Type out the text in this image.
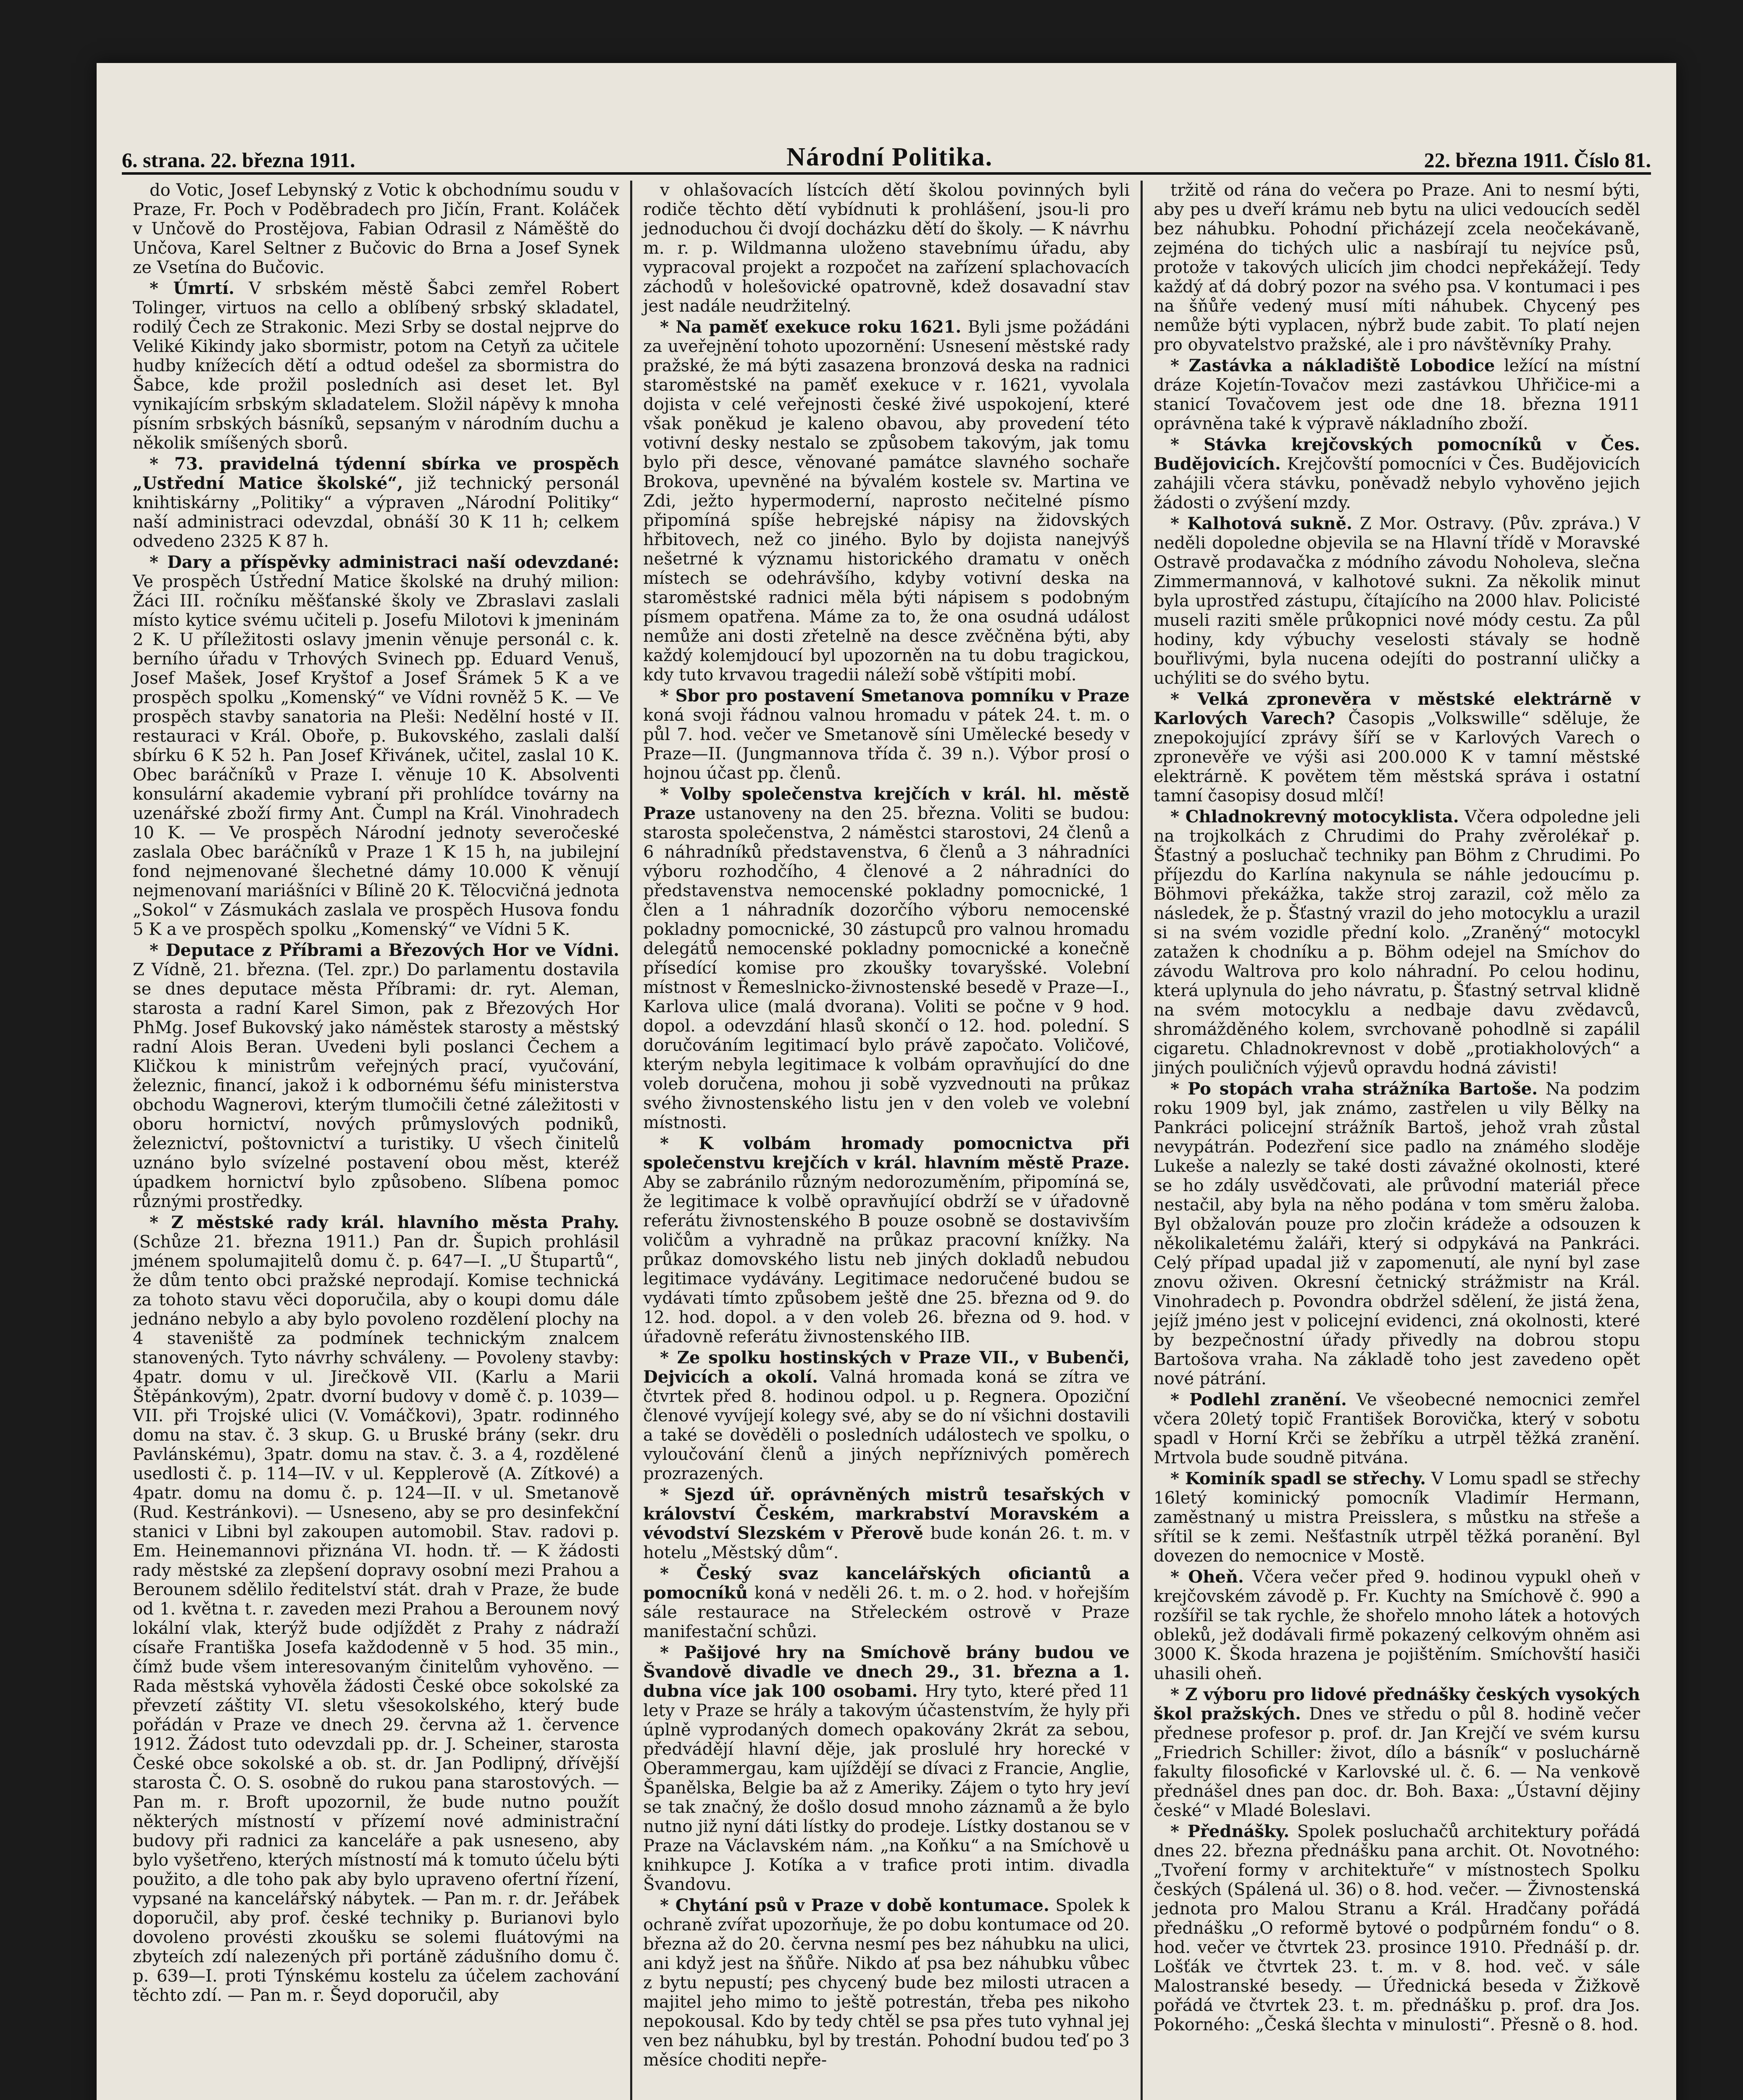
6. strana. 22. března 1911.	Národní Politika.	22. března 1911. Číslo 81.

do Votic, Josef Lebynský z Votic k obchodnímu soudu v Praze, Fr. Poch v Poděbradech pro Jičín, Frant. Koláček v Unčově do Prostějova, Fabian Odrasil z Náměště do Unčova, Karel Seltner z Bučovic do Brna a Josef Synek ze Vsetína do Bučovic.

* Úmrtí. V srbském městě Šabci zemřel Robert Tolinger, virtuos na cello a oblíbený srbský skladatel, rodilý Čech ze Strakonic. Mezi Srby se dostal nejprve do Veliké Kikindy jako sbormistr, potom na Cetyň za učitele hudby knížecích dětí a odtud odešel za sbormistra do Šabce, kde prožil posledních asi deset let. Byl vynikajícím srbským skladatelem. Složil nápěvy k mnoha písním srbských básníků, sepsaným v národním duchu a několik smíšených sborů.

* 73. pravidelná týdenní sbírka ve prospěch „Ustřední Matice školské“, již technický personál knihtiskárny „Politiky“ a výpraven „Národní Politiky“ naší administraci odevzdal, obnáší 30 K 11 h; celkem odvedeno 2325 K 87 h.

* Dary a příspěvky administraci naší odevzdané: Ve prospěch Ústřední Matice školské na druhý milion: Žáci III. ročníku měšťanské školy ve Zbraslavi zaslali místo kytice svému učiteli p. Josefu Milotovi k jmeninám 2 K. U příležitosti oslavy jmenin věnuje personál c. k. berního úřadu v Trhových Svinech pp. Eduard Venuš, Josef Mašek, Josef Kryštof a Josef Šrámek 5 K a ve prospěch spolku „Komenský“ ve Vídni rovněž 5 K. — Ve prospěch stavby sanatoria na Pleši: Nedělní hosté v II. restauraci v Král. Oboře, p. Bukovského, zaslali další sbírku 6 K 52 h. Pan Josef Křivánek, učitel, zaslal 10 K. Obec baráčníků v Praze I. věnuje 10 K. Absolventi konsulární akademie vybraní při prohlídce továrny na uzenářské zboží firmy Ant. Čumpl na Král. Vinohradech 10 K. — Ve prospěch Národní jednoty severočeské zaslala Obec baráčníků v Praze 1 K 15 h, na jubilejní fond nejmenované šlechetné dámy 10.000 K věnují nejmenovaní mariášníci v Bílině 20 K. Tělocvičná jednota „Sokol“ v Zásmukách zaslala ve prospěch Husova fondu 5 K a ve prospěch spolku „Komenský“ ve Vídni 5 K.

* Deputace z Příbrami a Březových Hor ve Vídni. Z Vídně, 21. března. (Tel. zpr.) Do parlamentu dostavila se dnes deputace města Příbrami: dr. ryt. Aleman, starosta a radní Karel Simon, pak z Březových Hor PhMg. Josef Bukovský jako náměstek starosty a městský radní Alois Beran. Uvedeni byli poslanci Čechem a Kličkou k ministrům veřejných prací, vyučování, železnic, financí, jakož i k odbornému šéfu ministerstva obchodu Wagnerovi, kterým tlumočili četné záležitosti v oboru hornictví, nových průmyslových podniků, železnictví, poštovnictví a turistiky. U všech činitelů uznáno bylo svízelné postavení obou měst, kteréž úpadkem hornictví bylo způsobeno. Slíbena pomoc různými prostředky.

* Z městské rady král. hlavního města Prahy. (Schůze 21. března 1911.) Pan dr. Šupich prohlásil jménem spolumajitelů domu č. p. 647—I. „U Štupartů“, že dům tento obci pražské neprodají. Komise technická za tohoto stavu věci doporučila, aby o koupi domu dále jednáno nebylo a aby bylo povoleno rozdělení plochy na 4 staveniště za podmínek technickým znalcem stanovených. Tyto návrhy schváleny. — Povoleny stavby: 4patr. domu v ul. Jirečkově VII. (Karlu a Marii Štěpánkovým), 2patr. dvorní budovy v domě č. p. 1039—VII. při Trojské ulici (V. Vomáčkovi), 3patr. rodinného domu na stav. č. 3 skup. G. u Bruské brány (sekr. dru Pavlánskému), 3patr. domu na stav. č. 3. a 4, rozdělené usedlosti č. p. 114—IV. v ul. Kepplerově (A. Zítkové) a 4patr. domu na domu č. p. 124—II. v ul. Smetanově (Rud. Kestránkovi). — Usneseno, aby se pro desinfekční stanici v Libni byl zakoupen automobil. Stav. radovi p. Em. Heinemannovi přiznána VI. hodn. tř. — K žádosti rady městské za zlepšení dopravy osobní mezi Prahou a Berounem sdělilo ředitelství stát. drah v Praze, že bude od 1. května t. r. zaveden mezi Prahou a Berounem nový lokální vlak, kterýž bude odjíždět z Prahy z nádraží císaře Františka Josefa každodenně v 5 hod. 35 min., čímž bude všem interesovaným činitelům vyhověno. — Rada městská vyhověla žádosti České obce sokolské za převzetí záštity VI. sletu všesokolského, který bude pořádán v Praze ve dnech 29. června až 1. července 1912. Žádost tuto odevzdali pp. dr. J. Scheiner, starosta České obce sokolské a ob. st. dr. Jan Podlipný, dřívější starosta Č. O. S. osobně do rukou pana starostových. — Pan m. r. Broft upozornil, že bude nutno použít některých místností v přízemí nové administrační budovy při radnici za kanceláře a pak usneseno, aby bylo vyšetřeno, kterých místností má k tomuto účelu býti použito, a dle toho pak aby bylo upraveno ofertní řízení, vypsané na kancelářský nábytek. — Pan m. r. dr. Jeřábek doporučil, aby prof. české techniky p. Burianovi bylo dovoleno provésti zkoušku se solemi fluátovými na zbyteích zdí nalezených při portáně zádušního domu č. p. 639—I. proti Týnskému kostelu za účelem zachování těchto zdí. — Pan m. r. Šeyd doporučil, aby

v ohlašovacích lístcích dětí školou povinných byli rodiče těchto dětí vybídnuti k prohlášení, jsou-li pro jednoduchou či dvojí docházku dětí do školy. — K návrhu m. r. p. Wildmanna uloženo stavebnímu úřadu, aby vypracoval projekt a rozpočet na zařízení splachovacích záchodů v holešovické opatrovně, kdež dosavadní stav jest nadále neudržitelný.

* Na paměť exekuce roku 1621. Byli jsme požádáni za uveřejnění tohoto upozornění: Usnesení městské rady pražské, že má býti zasazena bronzová deska na radnici staroměstské na paměť exekuce v r. 1621, vyvolala dojista v celé veřejnosti české živé uspokojení, které však poněkud je kaleno obavou, aby provedení této votivní desky nestalo se způsobem takovým, jak tomu bylo při desce, věnované památce slavného sochaře Brokova, upevněné na bývalém kostele sv. Martina ve Zdi, ježto hypermoderní, naprosto nečitelné písmo připomíná spíše hebrejské nápisy na židovských hřbitovech, než co jiného. Bylo by dojista nanejvýš nešetrné k významu historického dramatu v oněch místech se odehrávšího, kdyby votivní deska na staroměstské radnici měla býti nápisem s podobným písmem opatřena. Máme za to, že ona osudná událost nemůže ani dosti zřetelně na desce zvěčněna býti, aby každý kolemjdoucí byl upozorněn na tu dobu tragickou, kdy tuto krvavou tragedii náleží sobě vštípiti mobí.

* Sbor pro postavení Smetanova pomníku v Praze koná svoji řádnou valnou hromadu v pátek 24. t. m. o půl 7. hod. večer ve Smetanově síni Umělecké besedy v Praze—II. (Jungmannova třída č. 39 n.). Výbor prosí o hojnou účast pp. členů.

* Volby společenstva krejčích v král. hl. městě Praze ustanoveny na den 25. března. Voliti se budou: starosta společenstva, 2 náměstci starostovi, 24 členů a 6 náhradníků představenstva, 6 členů a 3 náhradníci výboru rozhodčího, 4 členové a 2 náhradníci do představenstva nemocenské pokladny pomocnické, 1 člen a 1 náhradník dozorčího výboru nemocenské pokladny pomocnické, 30 zástupců pro valnou hromadu delegátů nemocenské pokladny pomocnické a konečně přísedící komise pro zkoušky tovaryšské. Volební místnost v Řemeslnicko-živnostenské besedě v Praze—I., Karlova ulice (malá dvorana). Voliti se počne v 9 hod. dopol. a odevzdání hlasů skončí o 12. hod. polední. S doručováním legitimací bylo právě započato. Voličové, kterým nebyla legitimace k volbám opravňující do dne voleb doručena, mohou ji sobě vyzvednouti na průkaz svého živnostenského listu jen v den voleb ve volební místnosti.

* K volbám hromady pomocnictva při společenstvu krejčích v král. hlavním městě Praze. Aby se zabránilo různým nedorozuměním, připomíná se, že legitimace k volbě opravňující obdrží se v úřadovně referátu živnostenského B pouze osobně se dostavivším voličům a vyhradně na průkaz pracovní knížky. Na průkaz domovského listu neb jiných dokladů nebudou legitimace vydávány. Legitimace nedoručené budou se vydávati tímto způsobem ještě dne 25. března od 9. do 12. hod. dopol. a v den voleb 26. března od 9. hod. v úřadovně referátu živnostenského IIB.

* Ze spolku hostinských v Praze VII., v Bubenči, Dejvicích a okolí. Valná hromada koná se zítra ve čtvrtek před 8. hodinou odpol. u p. Regnera. Opoziční členové vyvíjejí kolegy své, aby se do ní všichni dostavili a také se dověděli o posledních událostech ve spolku, o vyloučování členů a jiných nepříznivých poměrech prozrazených.

* Sjezd úř. oprávněných mistrů tesařských v království Českém, markrabství Moravském a vévodství Slezském v Přerově bude konán 26. t. m. v hotelu „Městský dům“.

* Český svaz kancelářských oficiantů a pomocníků koná v neděli 26. t. m. o 2. hod. v hořejším sále restaurace na Střeleckém ostrově v Praze manifestační schůzi.

* Pašijové hry na Smíchově brány budou ve Švandově divadle ve dnech 29., 31. března a 1. dubna více jak 100 osobami. Hry tyto, které před 11 lety v Praze se hrály a takovým účastenstvím, že hyly při úplně vyprodaných domech opakovány 2krát za sebou, předvádějí hlavní děje, jak proslulé hry horecké v Oberammergau, kam ujíždějí se dívaci z Francie, Anglie, Španělska, Belgie ba až z Ameriky. Zájem o tyto hry jeví se tak značný, že došlo dosud mnoho záznamů a že bylo nutno již nyní dáti lístky do prodeje. Lístky dostanou se v Praze na Václavském nám. „na Koňku“ a na Smíchově u knihkupce J. Kotíka a v trafice proti intim. divadla Švandovu.

* Chytání psů v Praze v době kontumace. Spolek k ochraně zvířat upozorňuje, že po dobu kontumace od 20. března až do 20. června nesmí pes bez náhubku na ulici, ani když jest na šňůře. Nikdo ať psa bez náhubku vůbec z bytu nepustí; pes chycený bude bez milosti utracen a majitel jeho mimo to ještě potrestán, třeba pes nikoho nepokousal. Kdo by tedy chtěl se psa přes tuto vyhnal jej ven bez náhubku, byl by trestán. Pohodní budou teď po 3 měsíce choditi nepře-

tržitě od rána do večera po Praze. Ani to nesmí býti, aby pes u dveří krámu neb bytu na ulici vedoucích seděl bez náhubku. Pohodní přicházejí zcela neočekávaně, zejména do tichých ulic a nasbírají tu nejvíce psů, protože v takových ulicích jim chodci nepřekážejí. Tedy každý ať dá dobrý pozor na svého psa. V kontumaci i pes na šňůře vedený musí míti náhubek. Chycený pes nemůže býti vyplacen, nýbrž bude zabit. To platí nejen pro obyvatelstvo pražské, ale i pro návštěvníky Prahy.

* Zastávka a nákladiště Lobodice ležící na místní dráze Kojetín-Tovačov mezi zastávkou Uhřičice-mi a stanicí Tovačovem jest ode dne 18. března 1911 oprávněna také k výpravě nákladního zboží.

* Stávka krejčovských pomocníků v Čes. Budějovicích. Krejčovští pomocníci v Čes. Budějovicích zahájili včera stávku, poněvadž nebylo vyhověno jejich žádosti o zvýšení mzdy.

* Kalhotová sukně. Z Mor. Ostravy. (Pův. zpráva.) V neděli dopoledne objevila se na Hlavní třídě v Moravské Ostravě prodavačka z módního závodu Noholeva, slečna Zimmermannová, v kalhotové sukni. Za několik minut byla uprostřed zástupu, čítajícího na 2000 hlav. Policisté museli raziti směle průkopnici nové módy cestu. Za půl hodiny, kdy výbuchy veselosti stávaly se hodně bouřlivými, byla nucena odejíti do postranní uličky a uchýliti se do svého bytu.

* Velká zpronevěra v městské elektrárně v Karlových Varech? Časopis „Volkswille“ sděluje, že znepokojující zprávy šíří se v Karlových Varech o zpronevěře ve výši asi 200.000 K v tamní městské elektrárně. K povětem těm městská správa i ostatní tamní časopisy dosud mlčí!

* Chladnokrevný motocyklista. Včera odpoledne jeli na trojkolkách z Chrudimi do Prahy zvěrolékař p. Šťastný a posluchač techniky pan Böhm z Chrudimi. Po příjezdu do Karlína nakynula se náhle jedoucímu p. Böhmovi překážka, takže stroj zarazil, což mělo za následek, že p. Šťastný vrazil do jeho motocyklu a urazil si na svém vozidle přední kolo. „Zraněný“ motocykl zatažen k chodníku a p. Böhm odejel na Smíchov do závodu Waltrova pro kolo náhradní. Po celou hodinu, která uplynula do jeho návratu, p. Šťastný setrval klidně na svém motocyklu a nedbaje davu zvědavců, shromážděného kolem, svrchovaně pohodlně si zapálil cigaretu. Chladnokrevnost v době „protiakholových“ a jiných pouličních výjevů opravdu hodná závisti!

* Po stopách vraha strážníka Bartoše. Na podzim roku 1909 byl, jak známo, zastřelen u vily Bělky na Pankráci policejní strážník Bartoš, jehož vrah zůstal nevypátrán. Podezření sice padlo na známého sloděje Lukeše a nalezly se také dosti závažné okolnosti, které se ho zdály usvědčovati, ale průvodní materiál přece nestačil, aby byla na něho podána v tom směru žaloba. Byl obžalován pouze pro zločin krádeže a odsouzen k několikaletému žaláři, který si odpykává na Pankráci. Celý případ upadal již v zapomenutí, ale nyní byl zase znovu oživen. Okresní četnický strážmistr na Král. Vinohradech p. Povondra obdržel sdělení, že jistá žena, jejíž jméno jest v policejní evidenci, zná okolnosti, které by bezpečnostní úřady přivedly na dobrou stopu Bartošova vraha. Na základě toho jest zavedeno opět nové pátrání.

* Podlehl zranění. Ve všeobecné nemocnici zemřel včera 20letý topič František Borovička, který v sobotu spadl v Horní Krči se žebříku a utrpěl těžká zranění. Mrtvola bude soudně pitvána.

* Kominík spadl se střechy. V Lomu spadl se střechy 16letý kominický pomocník Vladimír Hermann, zaměstnaný u mistra Preisslera, s můstku na střeše a sřítil se k zemi. Nešťastník utrpěl těžká poranění. Byl dovezen do nemocnice v Mostě.

* Oheň. Včera večer před 9. hodinou vypukl oheň v krejčovském závodě p. Fr. Kuchty na Smíchově č. 990 a rozšířil se tak rychle, že shořelo mnoho látek a hotových obleků, jež dodávali firmě pokazený celkovým ohněm asi 3000 K. Škoda hrazena je pojištěním. Smíchovští hasiči uhasili oheň.

* Z výboru pro lidové přednášky českých vysokých škol pražských. Dnes ve středu o půl 8. hodině večer přednese profesor p. prof. dr. Jan Krejčí ve svém kursu „Friedrich Schiller: život, dílo a básník“ v posluchárně fakulty filosofické v Karlovské ul. č. 6. — Na venkově přednášel dnes pan doc. dr. Boh. Baxa: „Ústavní dějiny české“ v Mladé Boleslavi.

* Přednášky. Spolek posluchačů architektury pořádá dnes 22. března přednášku pana archit. Ot. Novotného: „Tvoření formy v architektuře“ v místnostech Spolku českých (Spálená ul. 36) o 8. hod. večer. — Živnostenská jednota pro Malou Stranu a Král. Hradčany pořádá přednášku „O reformě bytové o podpůrném fondu“ o 8. hod. večer ve čtvrtek 23. prosince 1910. Přednáší p. dr. Lošťák ve čtvrtek 23. t. m. v 8. hod. več. v sále Malostranské besedy. — Úřednická beseda v Žižkově pořádá ve čtvrtek 23. t. m. přednášku p. prof. dra Jos. Pokorného: „Česká šlechta v minulosti“. Přesně o 8. hod.
